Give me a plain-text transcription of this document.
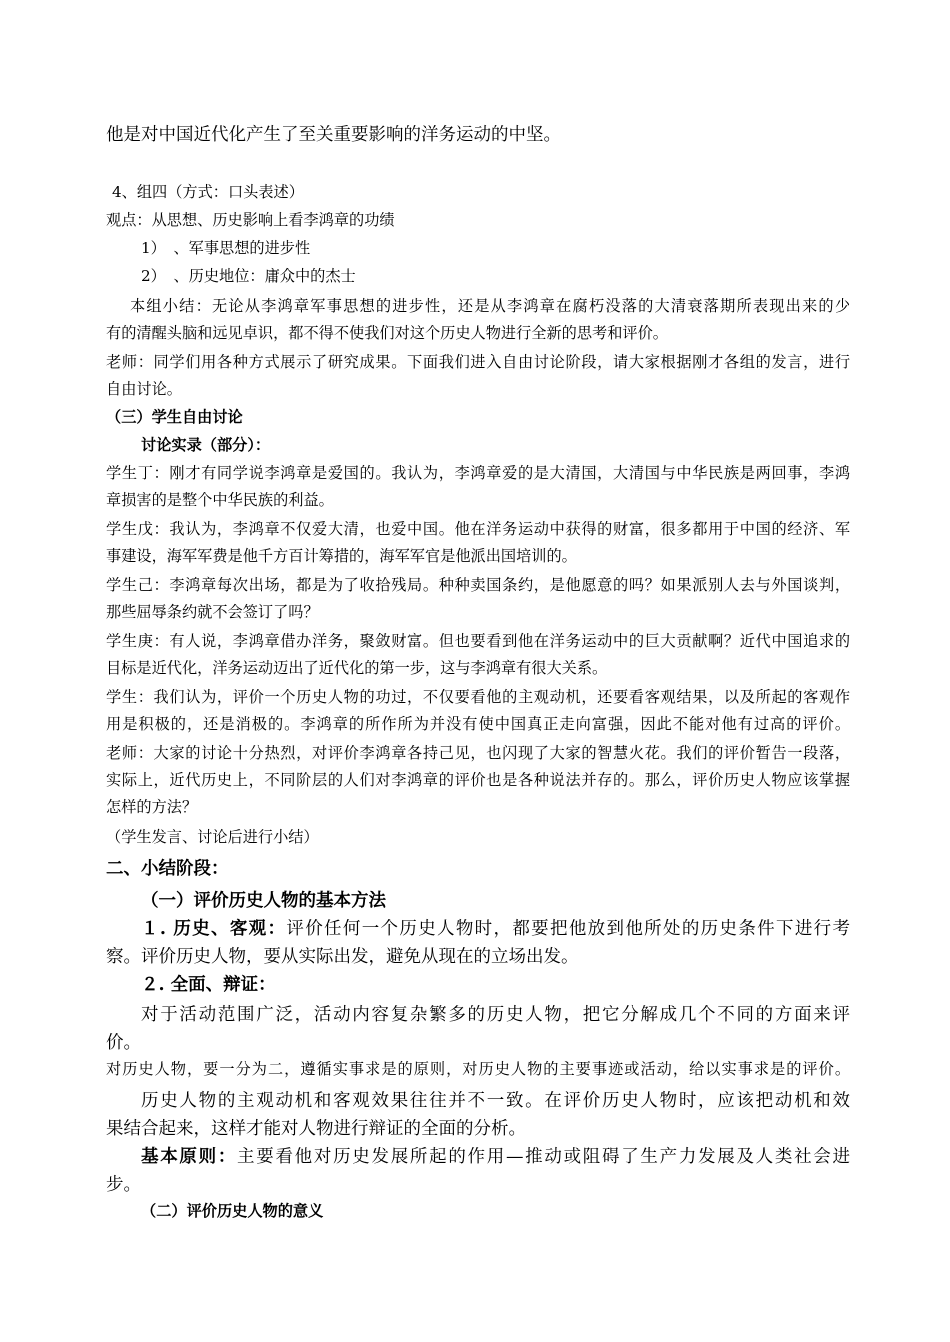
他是对中国近代化产生了至关重要影响的洋务运动的中坚。
4、组四（方式：口头表述）
观点：从思想、历史影响上看李鸿章的功绩
1）　、军事思想的进步性
2）　、历史地位：庸众中的杰士
本组小结：无论从李鸿章军事思想的进步性，还是从李鸿章在腐朽没落的大清衰落期所表现出来的少
有的清醒头脑和远见卓识，都不得不使我们对这个历史人物进行全新的思考和评价。
老师：同学们用各种方式展示了研究成果。下面我们进入自由讨论阶段，请大家根据刚才各组的发言，进行
自由讨论。
（三）学生自由讨论
讨论实录（部分）：
学生丁：刚才有同学说李鸿章是爱国的。我认为，李鸿章爱的是大清国，大清国与中华民族是两回事，李鸿
章损害的是整个中华民族的利益。
学生戊：我认为，李鸿章不仅爱大清，也爱中国。他在洋务运动中获得的财富，很多都用于中国的经济、军
事建设，海军军费是他千方百计筹措的，海军军官是他派出国培训的。
学生己：李鸿章每次出场，都是为了收拾残局。种种卖国条约，是他愿意的吗？如果派别人去与外国谈判，
那些屈辱条约就不会签订了吗？
学生庚：有人说，李鸿章借办洋务，聚敛财富。但也要看到他在洋务运动中的巨大贡献啊？近代中国追求的
目标是近代化，洋务运动迈出了近代化的第一步，这与李鸿章有很大关系。
学生：我们认为，评价一个历史人物的功过，不仅要看他的主观动机，还要看客观结果，以及所起的客观作
用是积极的，还是消极的。李鸿章的所作所为并没有使中国真正走向富强，因此不能对他有过高的评价。
老师：大家的讨论十分热烈，对评价李鸿章各持己见，也闪现了大家的智慧火花。我们的评价暂告一段落，
实际上，近代历史上，不同阶层的人们对李鸿章的评价也是各种说法并存的。那么，评价历史人物应该掌握
怎样的方法？
（学生发言、讨论后进行小结）
二、小结阶段：
（一）评价历史人物的基本方法
１. 历史、客观：评价任何一个历史人物时，都要把他放到他所处的历史条件下进行考
察。评价历史人物，要从实际出发，避免从现在的立场出发。
２. 全面、辩证：
对于活动范围广泛，活动内容复杂繁多的历史人物，把它分解成几个不同的方面来评
价。
对历史人物，要一分为二，遵循实事求是的原则，对历史人物的主要事迹或活动，给以实事求是的评价。
历史人物的主观动机和客观效果往往并不一致。在评价历史人物时，应该把动机和效
果结合起来，这样才能对人物进行辩证的全面的分析。
基本原则：主要看他对历史发展所起的作用—推动或阻碍了生产力发展及人类社会进
步。
（二）评价历史人物的意义
